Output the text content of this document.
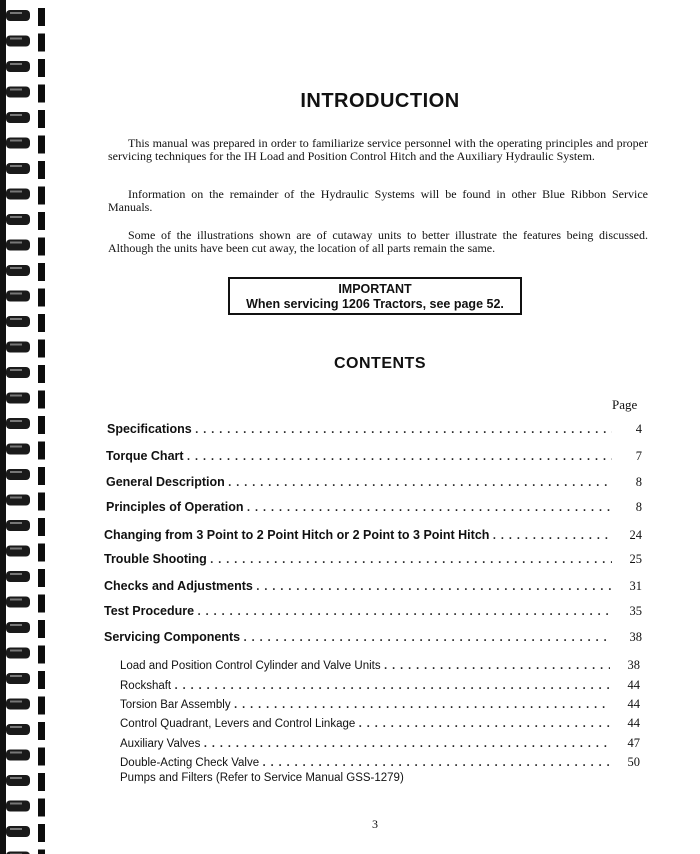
INTRODUCTION
This manual was prepared in order to familiarize service personnel with the operating principles and proper servicing techniques for the IH Load and Position Control Hitch and the Auxiliary Hydraulic System.
Information on the remainder of the Hydraulic Systems will be found in other Blue Ribbon Service Manuals.
Some of the illustrations shown are of cutaway units to better illustrate the features being discussed. Although the units have been cut away, the location of all parts remain the same.
IMPORTANT
When servicing 1206 Tractors, see page 52.
CONTENTS
Page
Specifications . . .	4
Torque Chart . . .	7
General Description . . .	8
Principles of Operation . . .	8
Changing from 3 Point to 2 Point Hitch or 2 Point to 3 Point Hitch . . .	24
Trouble Shooting . . .	25
Checks and Adjustments . . .	31
Test Procedure . . .	35
Servicing Components . . .	38
Load and Position Control Cylinder and Valve Units . . .	38
Rockshaft . . .	44
Torsion Bar Assembly . . .	44
Control Quadrant, Levers and Control Linkage . . .	44
Auxiliary Valves . . .	47
Double-Acting Check Valve . . .	50
Pumps and Filters (Refer to Service Manual GSS-1279)
3
